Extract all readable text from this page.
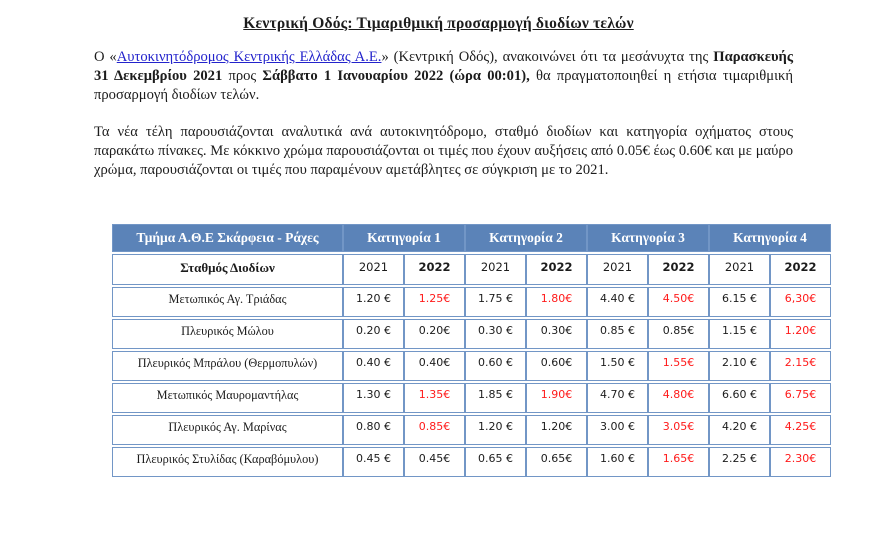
Κεντρική Οδός: Τιμαριθμική προσαρμογή διοδίων τελών

Ο «Αυτοκινητόδρομος Κεντρικής Ελλάδας Α.Ε.» (Κεντρική Οδός), ανακοινώνει ότι τα μεσάνυχτα της Παρασκευής 31 Δεκεμβρίου 2021 προς Σάββατο 1 Ιανουαρίου 2022 (ώρα 00:01), θα πραγματοποιηθεί η ετήσια τιμαριθμική προσαρμογή διοδίων τελών.

Τα νέα τέλη παρουσιάζονται αναλυτικά ανά αυτοκινητόδρομο, σταθμό διοδίων και κατηγορία οχήματος στους παρακάτω πίνακες. Με κόκκινο χρώμα παρουσιάζονται οι τιμές που έχουν αυξήσεις από 0.05€ έως 0.60€ και με μαύρο χρώμα, παρουσιάζονται οι τιμές που παραμένουν αμετάβλητες σε σύγκριση με το 2021.

Τμήμα Α.Θ.Ε Σκάρφεια - Ράχες	Κατηγορία 1		Κατηγορία 2		Κατηγορία 3		Κατηγορία 4	
Σταθμός Διοδίων	2021	2022	2021	2022	2021	2022	2021	2022
Μετωπικός Αγ. Τριάδας	1.20 €	1.25€	1.75 €	1.80€	4.40 €	4.50€	6.15 €	6,30€
Πλευρικός Μώλου	0.20 €	0.20€	0.30 €	0.30€	0.85 €	0.85€	1.15 €	1.20€
Πλευρικός Μπράλου (Θερμοπυλών)	0.40 €	0.40€	0.60 €	0.60€	1.50 €	1.55€	2.10 €	2.15€
Μετωπικός Μαυρομαντήλας	1.30 €	1.35€	1.85 €	1.90€	4.70 €	4.80€	6.60 €	6.75€
Πλευρικός Αγ. Μαρίνας	0.80 €	0.85€	1.20 €	1.20€	3.00 €	3.05€	4.20 €	4.25€
Πλευρικός Στυλίδας (Καραβόμυλου)	0.45 €	0.45€	0.65 €	0.65€	1.60 €	1.65€	2.25 €	2.30€
